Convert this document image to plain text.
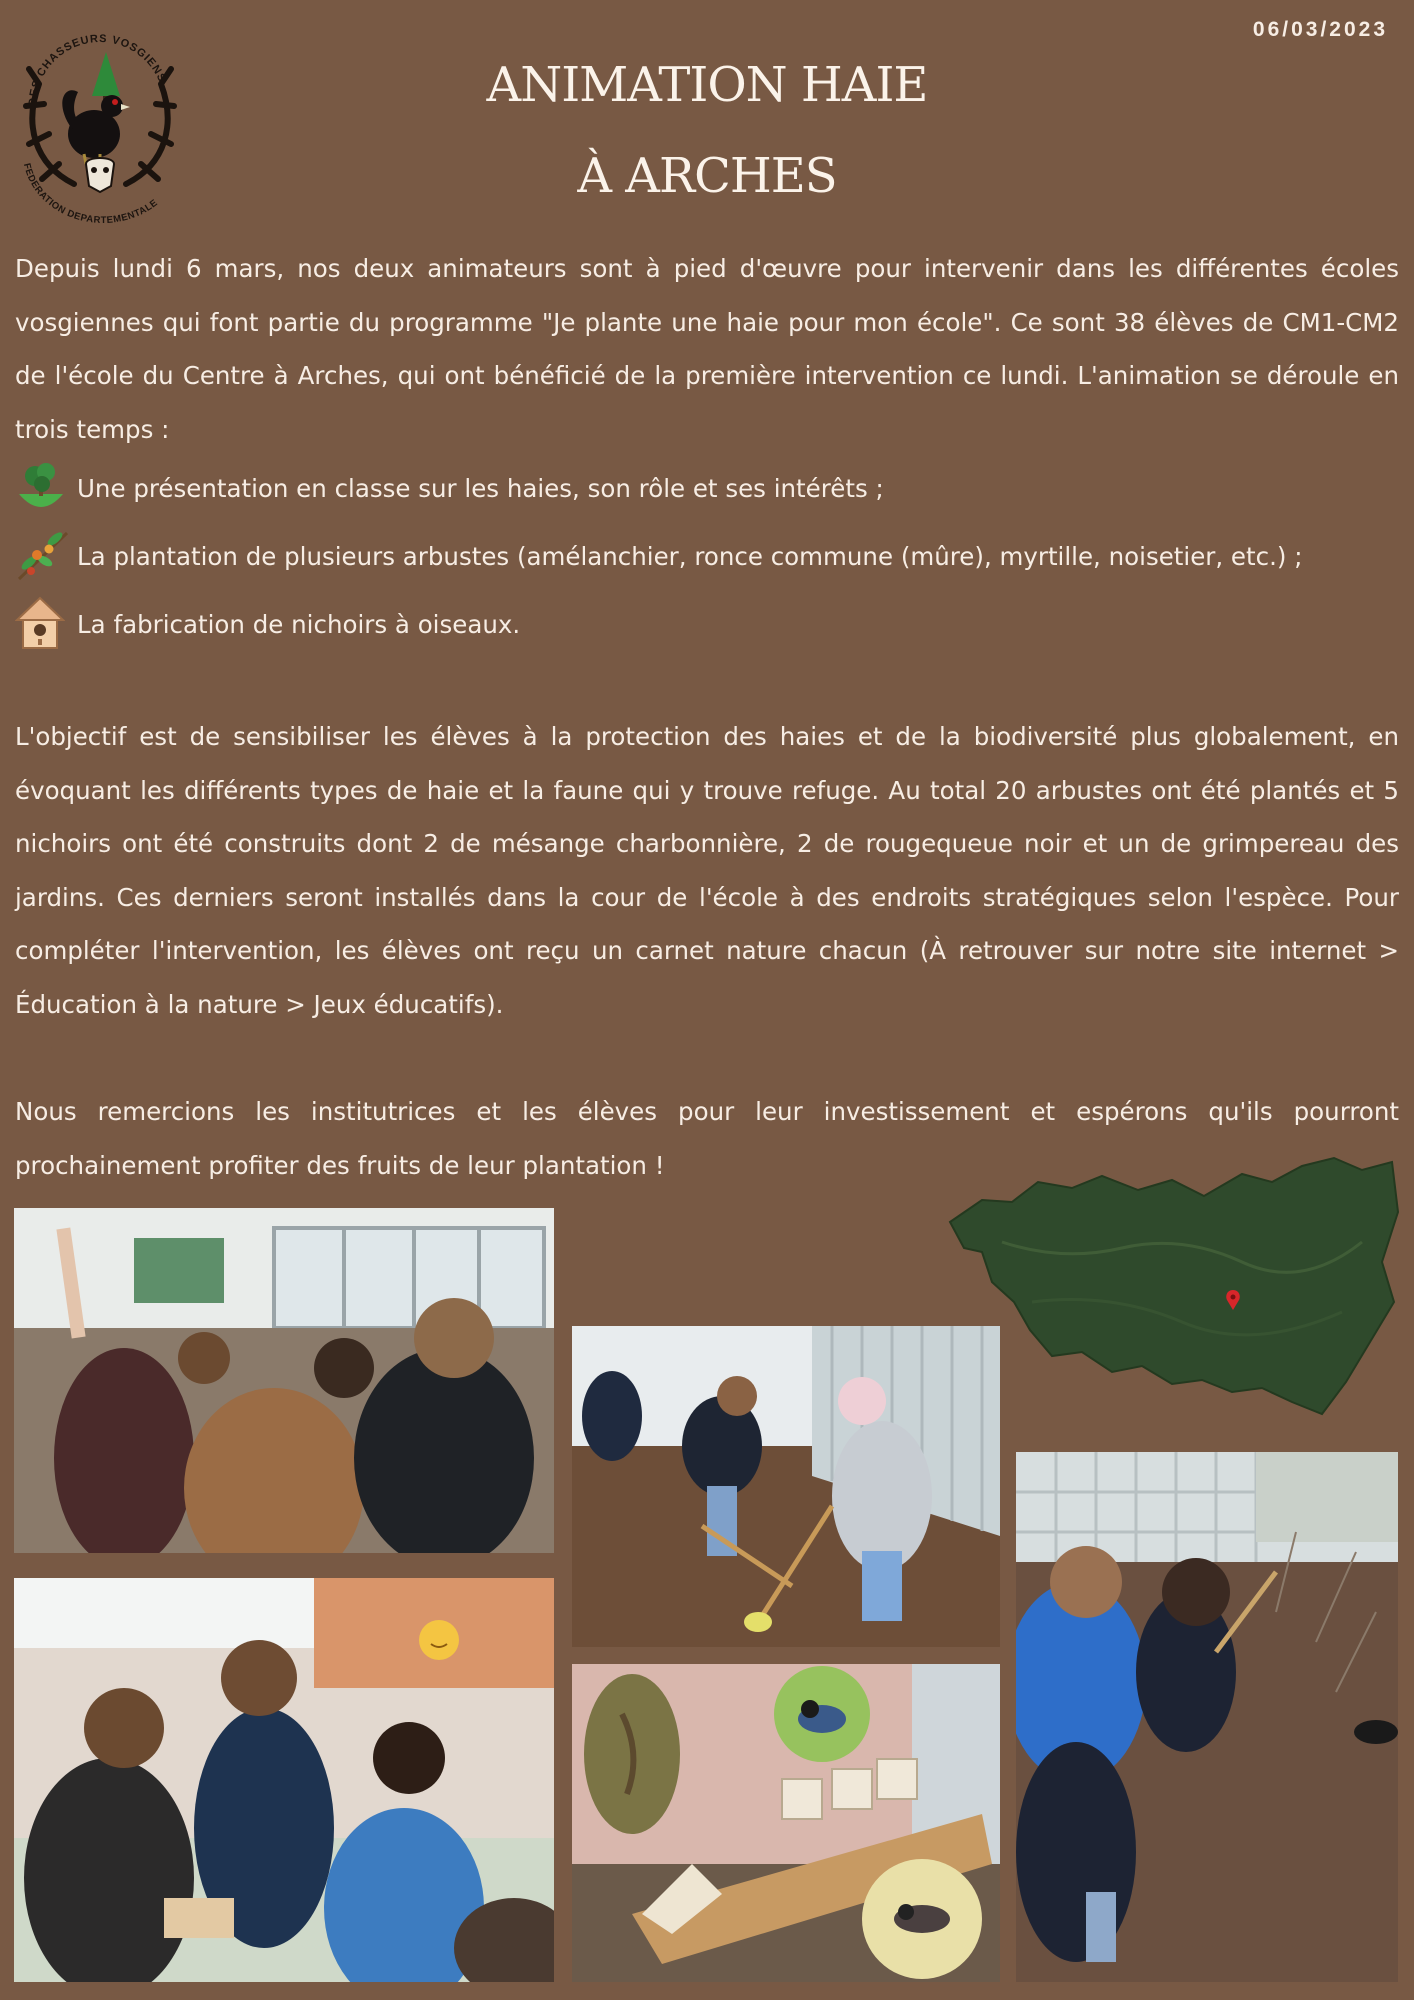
06/03/2023
DES CHASSEURS VOSGIENS
FEDERATION DEPARTEMENTALE
ANIMATION HAIE
À ARCHES

Depuis lundi 6 mars, nos deux animateurs sont à pied d'œuvre pour intervenir dans les différentes écoles vosgiennes qui font partie du programme "Je plante une haie pour mon école". Ce sont 38 élèves de CM1-CM2 de l'école du Centre à Arches, qui ont bénéficié de la première intervention ce lundi. L'animation se déroule en trois temps :

Une présentation en classe sur les haies, son rôle et ses intérêts ;
La plantation de plusieurs arbustes (amélanchier, ronce commune (mûre), myrtille, noisetier, etc.) ;
La fabrication de nichoirs à oiseaux.

L'objectif est de sensibiliser les élèves à la protection des haies et de la biodiversité plus globalement, en évoquant les différents types de haie et la faune qui y trouve refuge. Au total 20 arbustes ont été plantés et 5 nichoirs ont été construits dont 2 de mésange charbonnière, 2 de rougequeue noir et un de grimpereau des jardins. Ces derniers seront installés dans la cour de l'école à des endroits stratégiques selon l'espèce. Pour compléter l'intervention, les élèves ont reçu un carnet nature chacun (À retrouver sur notre site internet > Éducation à la nature > Jeux éducatifs).

Nous remercions les institutrices et les élèves pour leur investissement et espérons qu'ils pourront prochainement profiter des fruits de leur plantation !
